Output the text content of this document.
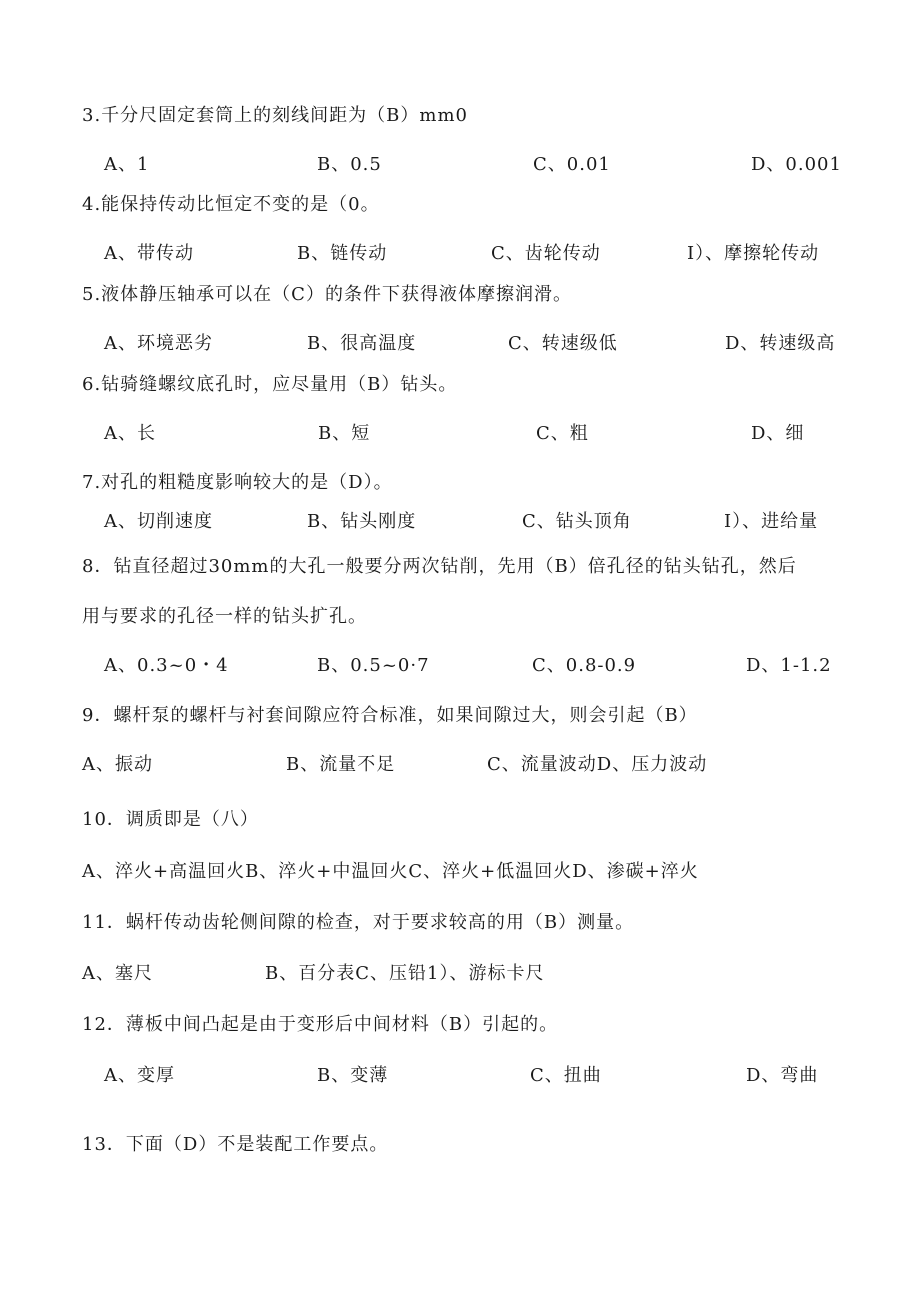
3.千分尺固定套筒上的刻线间距为（B）mm0
A、1	B、0.5	C、0.01	D、0.001
4.能保持传动比恒定不变的是（0。
A、带传动	B、链传动	C、齿轮传动	I）、摩擦轮传动
5.液体静压轴承可以在（C）的条件下获得液体摩擦润滑。
A、环境恶劣	B、很高温度	C、转速级低	D、转速级高
6.钻骑缝螺纹底孔时，应尽量用（B）钻头。
A、长	B、短	C、粗	D、细
7.对孔的粗糙度影响较大的是（D）。
A、切削速度	B、钻头刚度	C、钻头顶角	I）、进给量
8．钻直径超过30mm的大孔一般要分两次钻削，先用（B）倍孔径的钻头钻孔，然后
用与要求的孔径一样的钻头扩孔。
A、0.3~0・4	B、0.5~0·7	C、0.8-0.9	D、1-1.2
9．螺杆泵的螺杆与衬套间隙应符合标准，如果间隙过大，则会引起（B）
A、振动	B、流量不足	C、流量波动D、压力波动
10．调质即是（八）
A、淬火+高温回火B、淬火+中温回火C、淬火+低温回火D、渗碳+淬火
11．蜗杆传动齿轮侧间隙的检查，对于要求较高的用（B）测量。
A、塞尺	B、百分表C、压铅1）、游标卡尺
12．薄板中间凸起是由于变形后中间材料（B）引起的。
A、变厚	B、变薄	C、扭曲	D、弯曲
13．下面（D）不是装配工作要点。
